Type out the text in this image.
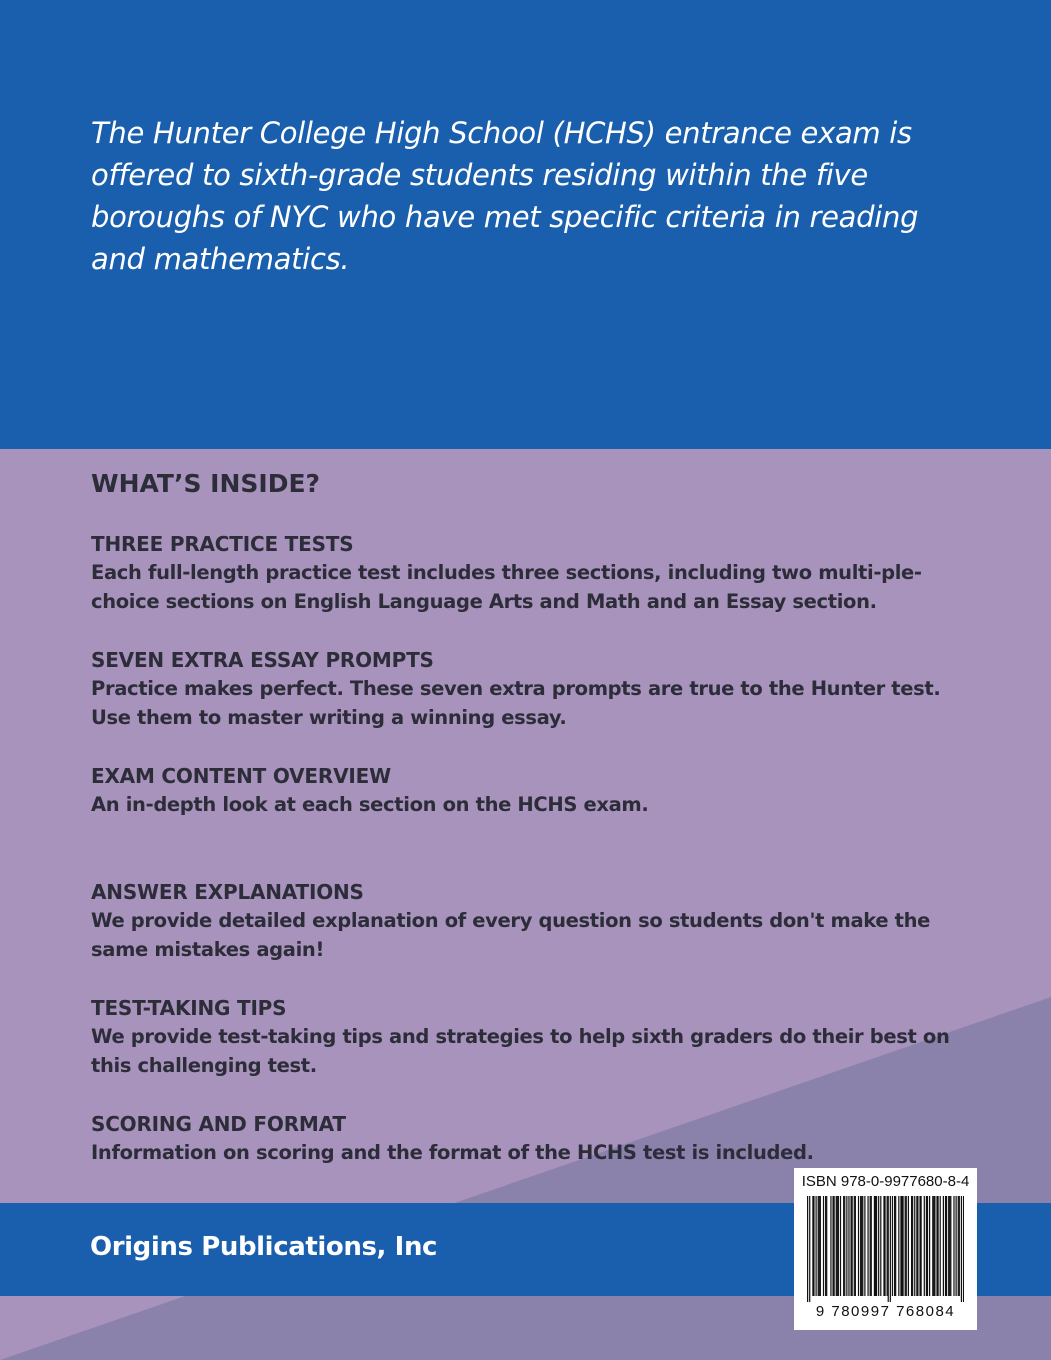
The Hunter College High School (HCHS) entrance exam is offered to sixth-grade students residing within the five boroughs of NYC who have met specific criteria in reading and mathematics.

WHAT’S INSIDE?
THREE PRACTICE TESTS
Each full-length practice test includes three sections, including two multi-ple-choice sections on English Language Arts and Math and an Essay section.
SEVEN EXTRA ESSAY PROMPTS
Practice makes perfect. These seven extra prompts are true to the Hunter test. Use them to master writing a winning essay.
EXAM CONTENT OVERVIEW
An in-depth look at each section on the HCHS exam.
ANSWER EXPLANATIONS
We provide detailed explanation of every question so students don't make the same mistakes again!
TEST-TAKING TIPS
We provide test-taking tips and strategies to help sixth graders do their best on this challenging test.
SCORING AND FORMAT
Information on scoring and the format of the HCHS test is included.

Origins Publications, Inc

ISBN 978-0-9977680-8-4
9 780997 768084
